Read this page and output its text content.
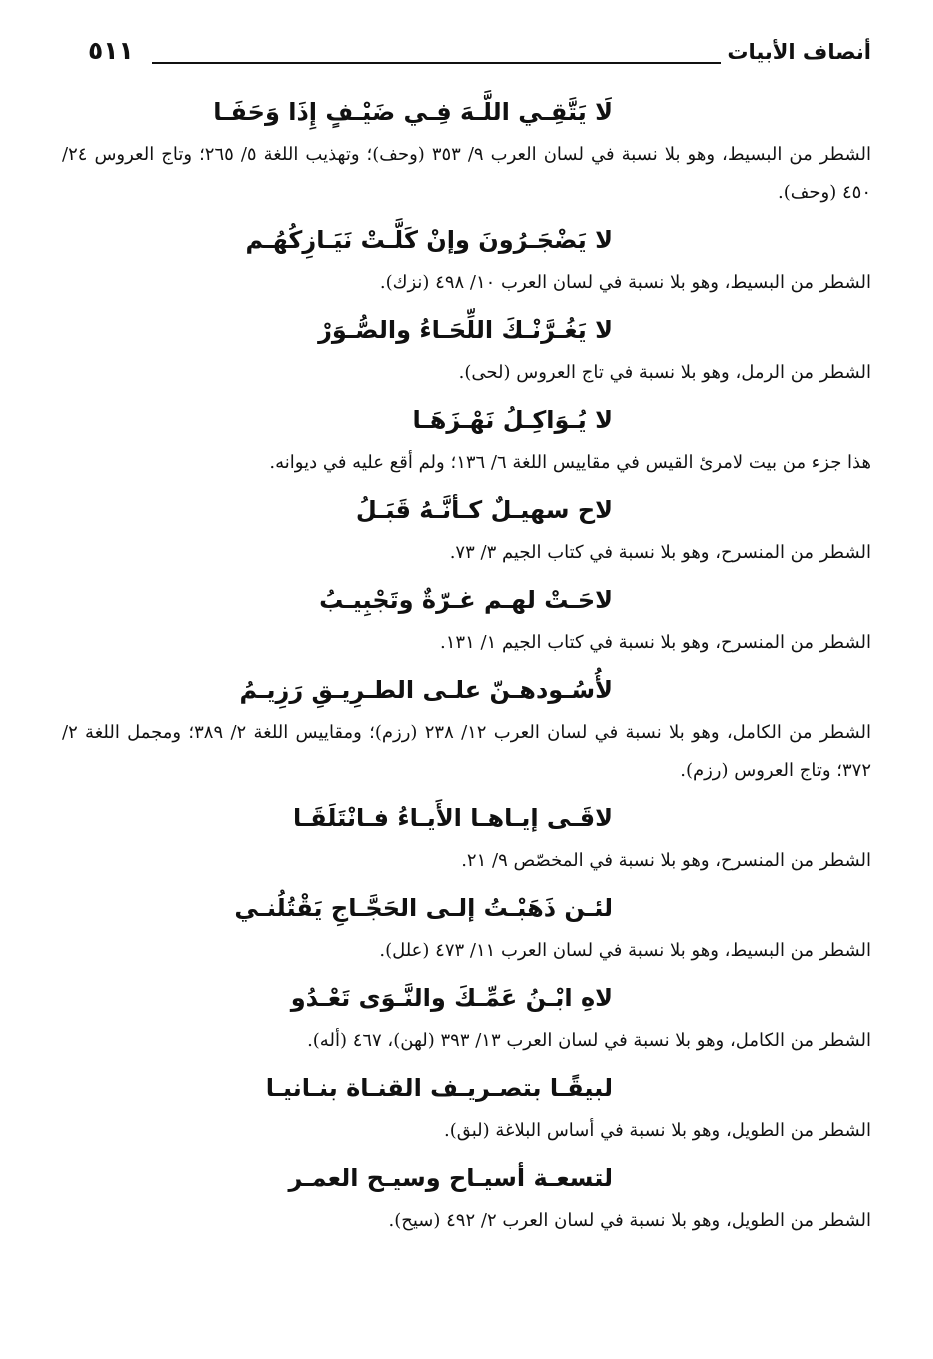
أنصاف الأبيات
٥١١
لَا يَتَّقِـي اللَّـهَ فِـي ضَيْـفٍ إِذَا وَحَفَـا
الشطر من البسيط، وهو بلا نسبة في لسان العرب ٩/ ٣٥٣ (وحف)؛ وتهذيب اللغة ٥/ ٢٦٥؛ وتاج العروس ٢٤/ ٤٥٠ (وحف).
لا يَضْجَـرُونَ وإنْ كَلَّـتْ نَيَـازِكُهُـم
الشطر من البسيط، وهو بلا نسبة في لسان العرب ١٠/ ٤٩٨ (نزك).
لا يَغُـرَّنْـكَ اللِّحَـاءُ والصُّـوَرْ
الشطر من الرمل، وهو بلا نسبة في تاج العروس (لحى).
لا يُـوَاكِـلُ نَهْـزَهَـا
هذا جزء من بيت لامرئ القيس في مقاييس اللغة ٦/ ١٣٦؛ ولم أقع عليه في ديوانه.
لاح سهيـلٌ كـأنَّـهُ قَبَـلُ
الشطر من المنسرح، وهو بلا نسبة في كتاب الجيم ٣/ ٧٣.
لاحَـتْ لهـم غـرّةٌ وتَجْبِيـبُ
الشطر من المنسرح، وهو بلا نسبة في كتاب الجيم ١/ ١٣١.
لأُسُـودهـنّ علـى الطـرِيـقِ رَزِيـمُ
الشطر من الكامل، وهو بلا نسبة في لسان العرب ١٢/ ٢٣٨ (رزم)؛ ومقاييس اللغة ٢/ ٣٨٩؛ ومجمل اللغة ٢/ ٣٧٢؛ وتاج العروس (رزم).
لاقَـى إيـاهـا الأَيـاءُ فـانْتَلَقَـا
الشطر من المنسرح، وهو بلا نسبة في المخصّص ٩/ ٢١.
لئـن ذَهَبْـتُ إلـى الحَجَّـاجِ يَقْتُلُنـي
الشطر من البسيط، وهو بلا نسبة في لسان العرب ١١/ ٤٧٣ (علل).
لاهِ ابْـنُ عَمِّـكَ والنَّـوَى تَعْـدُو
الشطر من الكامل، وهو بلا نسبة في لسان العرب ١٣/ ٣٩٣ (لهن)، ٤٦٧ (أله).
لبيقًـا بتصـريـف القنـاة بنـانيـا
الشطر من الطويل، وهو بلا نسبة في أساس البلاغة (لبق).
لتسعـة أسيـاح وسيـح العمـر
الشطر من الطويل، وهو بلا نسبة في لسان العرب ٢/ ٤٩٢ (سيح).
